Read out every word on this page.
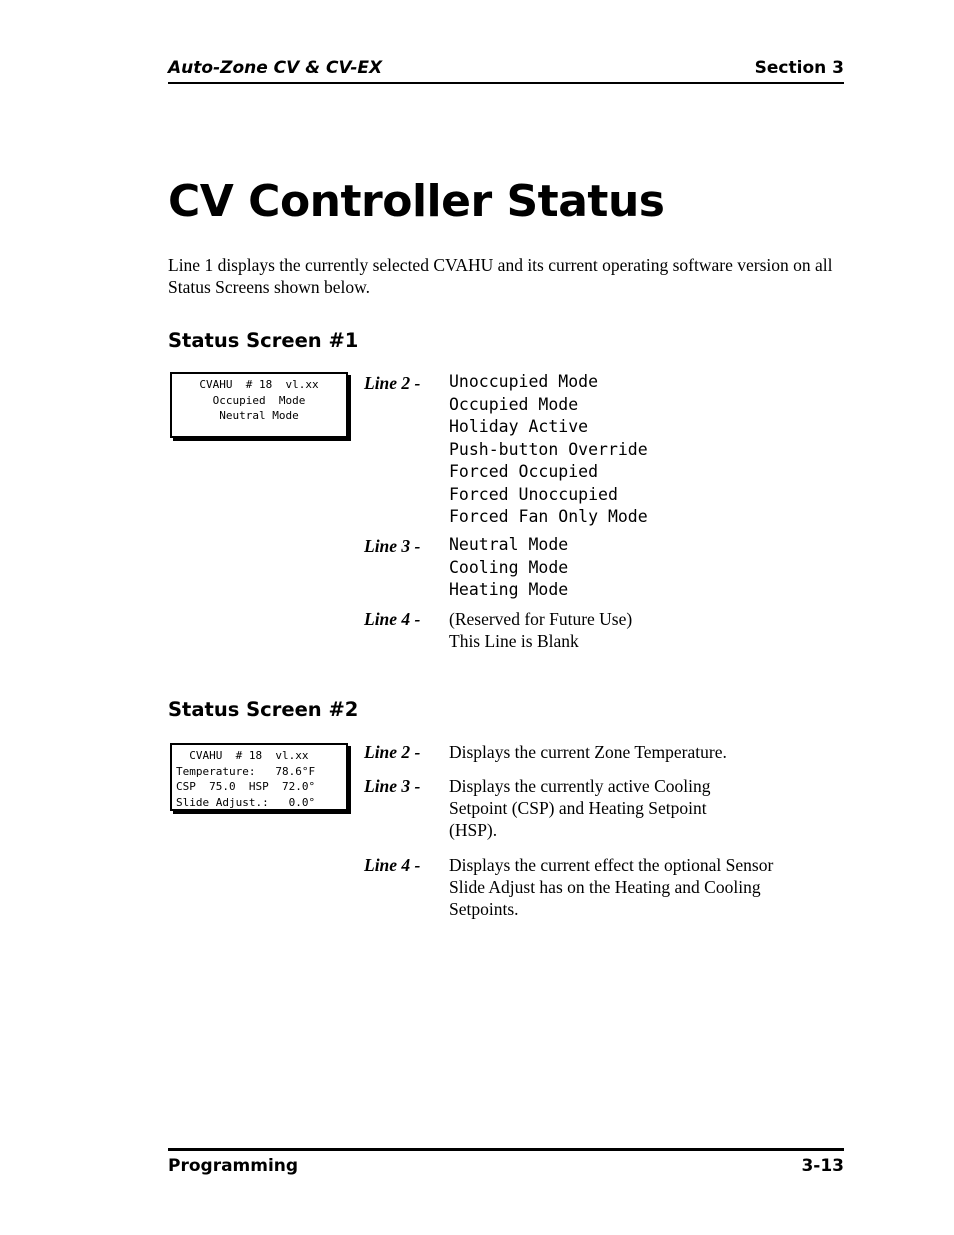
Auto-Zone CV & CV-EX	Section 3
CV Controller Status

Line 1 displays the currently selected CVAHU and its current operating software version on all Status Screens shown below.

Status Screen #1
CVAHU  # 18  vl.xx
Occupied  Mode
Neutral Mode
Line 2 - Unoccupied Mode
Occupied Mode
Holiday Active
Push-button Override
Forced Occupied
Forced Unoccupied
Forced Fan Only Mode
Line 3 - Neutral Mode
Cooling Mode
Heating Mode
Line 4 - (Reserved for Future Use)
This Line is Blank
Status Screen #2
CVAHU  # 18  vl.xx
Temperature:   78.6°F
CSP  75.0  HSP  72.0°
Slide Adjust.:   0.0°
Line 2 - Displays the current Zone Temperature.
Line 3 - Displays the currently active Cooling Setpoint (CSP) and Heating Setpoint (HSP).
Line 4 - Displays the current effect the optional Sensor Slide Adjust has on the Heating and Cooling Setpoints.
Programming	3-13
